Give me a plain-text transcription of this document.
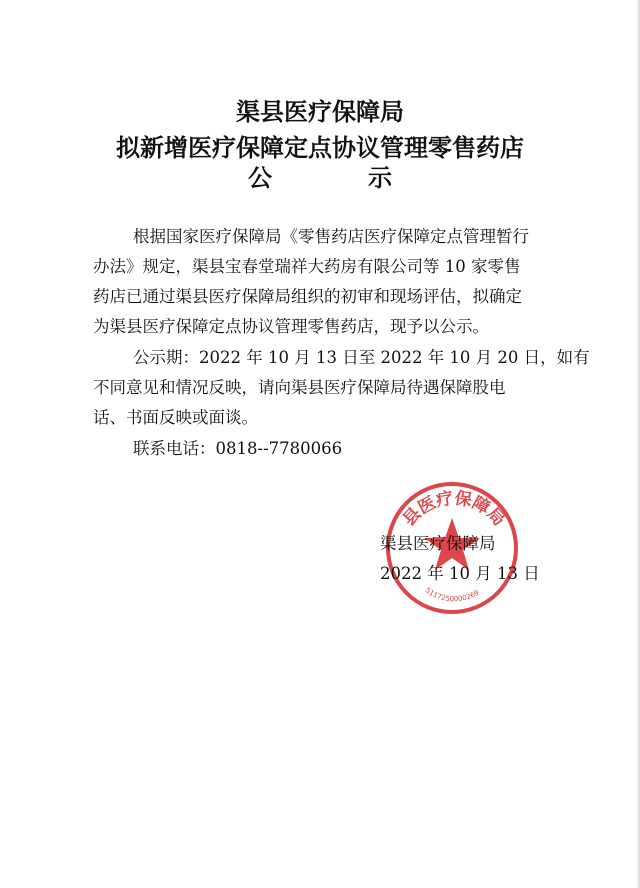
渠县医疗保障局
拟新增医疗保障定点协议管理零售药店
公	示
根据国家医疗保障局《零售药店医疗保障定点管理暂行
办法》规定，渠县宝春堂瑞祥大药房有限公司等 10 家零售
药店已通过渠县医疗保障局组织的初审和现场评估，拟确定
为渠县医疗保障定点协议管理零售药店，现予以公示。
公示期：2022 年 10 月 13 日至 2022 年 10 月 20 日，如有
不同意见和情况反映，请向渠县医疗保障局待遇保障股电
话、书面反映或面谈。
联系电话：0818--7780066
县医疗保障局
5117250000269
渠县医疗保障局
2022 年 10 月 13 日
